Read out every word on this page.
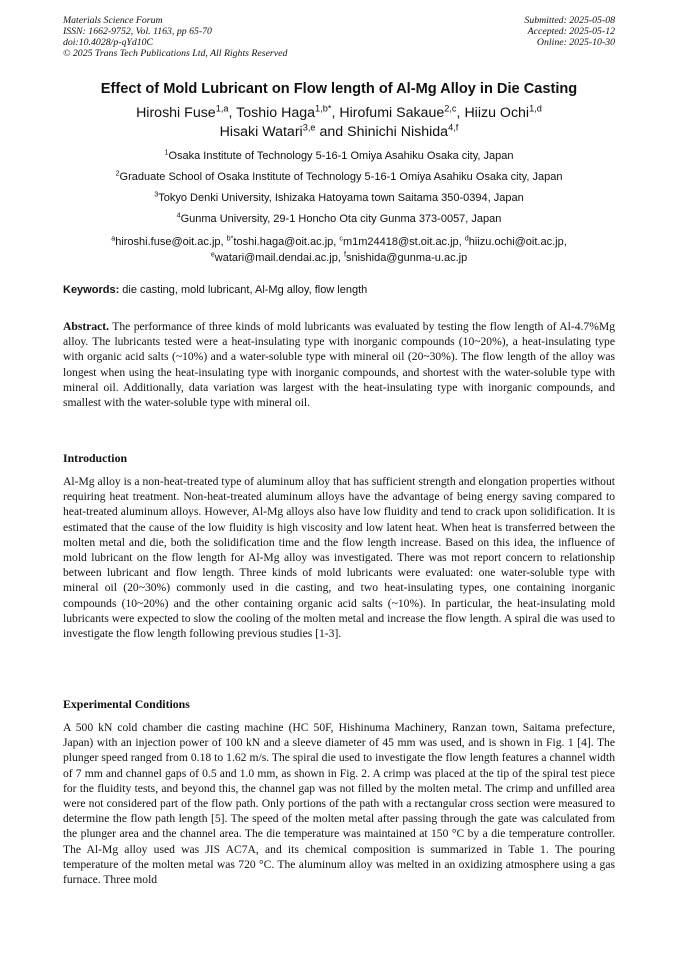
Materials Science Forum
ISSN: 1662-9752, Vol. 1163, pp 65-70
doi:10.4028/p-qYd10C
© 2025 Trans Tech Publications Ltd, All Rights Reserved
Submitted: 2025-05-08
Accepted: 2025-05-12
Online: 2025-10-30
Effect of Mold Lubricant on Flow length of Al-Mg Alloy in Die Casting
Hiroshi Fuse$^{1,a}$, Toshio Haga$^{1,b*}$, Hirofumi Sakaue$^{2,c}$, Hiizu Ochi$^{1,d}$
Hisaki Watari$^{3,e}$ and Shinichi Nishida$^{4,f}$
$^1$Osaka Institute of Technology 5-16-1 Omiya Asahiku Osaka city, Japan
$^2$Graduate School of Osaka Institute of Technology 5-16-1 Omiya Asahiku Osaka city, Japan
$^3$Tokyo Denki University, Ishizaka Hatoyama town Saitama 350-0394, Japan
$^4$Gunma University, 29-1 Honcho Ota city Gunma 373-0057, Japan
$^a$hiroshi.fuse@oit.ac.jp, $^{b*}$toshi.haga@oit.ac.jp, $^c$m1m24418@st.oit.ac.jp, $^d$hiizu.ochi@oit.ac.jp,
$^e$watari@mail.dendai.ac.jp, $^f$snishida@gunma-u.ac.jp
Keywords: die casting, mold lubricant, Al-Mg alloy, flow length
Abstract. The performance of three kinds of mold lubricants was evaluated by testing the flow length of Al-4.7%Mg alloy. The lubricants tested were a heat-insulating type with inorganic compounds (10~20%), a heat-insulating type with organic acid salts (~10%) and a water-soluble type with mineral oil (20~30%). The flow length of the alloy was longest when using the heat-insulating type with inorganic compounds, and shortest with the water-soluble type with mineral oil. Additionally, data variation was largest with the heat-insulating type with inorganic compounds, and smallest with the water-soluble type with mineral oil.
Introduction
Al-Mg alloy is a non-heat-treated type of aluminum alloy that has sufficient strength and elongation properties without requiring heat treatment. Non-heat-treated aluminum alloys have the advantage of being energy saving compared to heat-treated aluminum alloys. However, Al-Mg alloys also have low fluidity and tend to crack upon solidification. It is estimated that the cause of the low fluidity is high viscosity and low latent heat. When heat is transferred between the molten metal and die, both the solidification time and the flow length increase. Based on this idea, the influence of mold lubricant on the flow length for Al-Mg alloy was investigated. There was mot report concern to relationship between lubricant and flow length. Three kinds of mold lubricants were evaluated: one water-soluble type with mineral oil (20~30%) commonly used in die casting, and two heat-insulating types, one containing inorganic compounds (10~20%) and the other containing organic acid salts (~10%). In particular, the heat-insulating mold lubricants were expected to slow the cooling of the molten metal and increase the flow length. A spiral die was used to investigate the flow length following previous studies [1-3].
Experimental Conditions
A 500 kN cold chamber die casting machine (HC 50F, Hishinuma Machinery, Ranzan town, Saitama prefecture, Japan) with an injection power of 100 kN and a sleeve diameter of 45 mm was used, and is shown in Fig. 1 [4]. The plunger speed ranged from 0.18 to 1.62 m/s. The spiral die used to investigate the flow length features a channel width of 7 mm and channel gaps of 0.5 and 1.0 mm, as shown in Fig. 2. A crimp was placed at the tip of the spiral test piece for the fluidity tests, and beyond this, the channel gap was not filled by the molten metal. The crimp and unfilled area were not considered part of the flow path. Only portions of the path with a rectangular cross section were measured to determine the flow path length [5]. The speed of the molten metal after passing through the gate was calculated from the plunger area and the channel area. The die temperature was maintained at 150 °C by a die temperature controller. The Al-Mg alloy used was JIS AC7A, and its chemical composition is summarized in Table 1. The pouring temperature of the molten metal was 720 °C. The aluminum alloy was melted in an oxidizing atmosphere using a gas furnace. Three mold
